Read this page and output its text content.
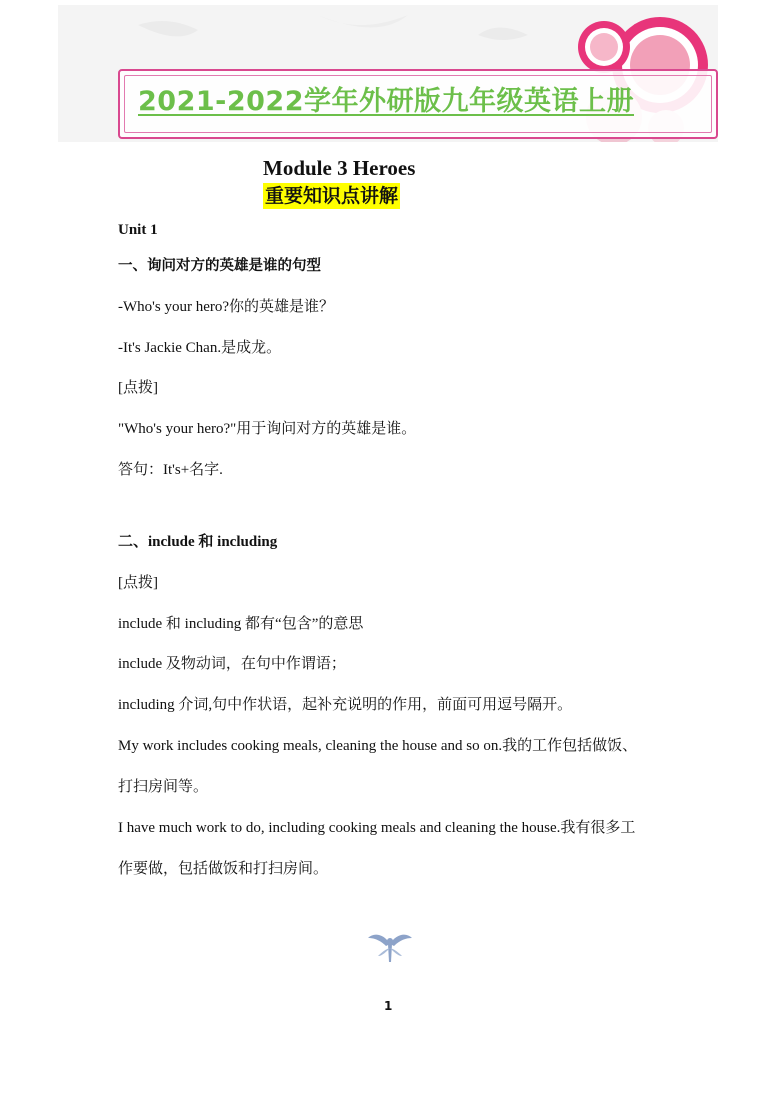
2021-2022学年外研版九年级英语上册
Module 3 Heroes
重要知识点讲解
Unit 1
一、询问对方的英雄是谁的句型
-Who's your hero?你的英雄是谁？
-It's Jackie Chan.是成龙。
[点拨]
"Who's your hero?"用于询问对方的英雄是谁。
答句：It's+名字.
二、include 和 including
[点拨]
include 和 including 都有“包含”的意思
include 及物动词，在句中作谓语；
including 介词,句中作状语，起补充说明的作用，前面可用逗号隔开。
My work includes cooking meals, cleaning the house and so on.我的工作包括做饭、
打扫房间等。
I have much work to do, including cooking meals and cleaning the house.我有很多工
作要做，包括做饭和打扫房间。
1
